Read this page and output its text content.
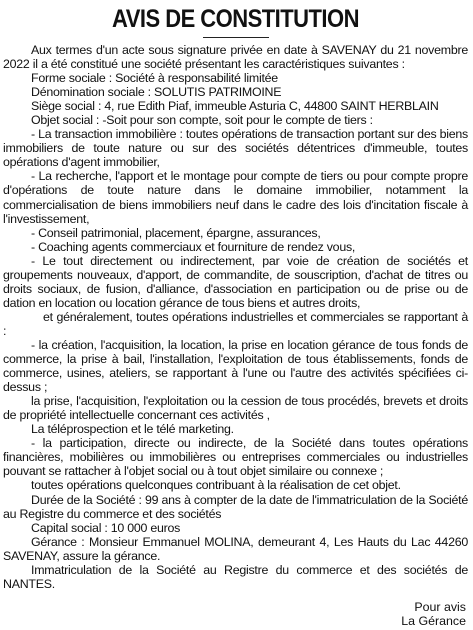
AVIS DE CONSTITUTION

Aux termes d'un acte sous signature privée en date à SAVENAY du 21 novembre 2022 il a été constitué une société présentant les caractéristiques suivantes :

Forme sociale : Société à responsabilité limitée

Dénomination sociale : SOLUTIS PATRIMOINE

Siège social : 4, rue Edith Piaf, immeuble Asturia C, 44800 SAINT HERBLAIN

Objet social : -Soit pour son compte, soit pour le compte de tiers :

- La transaction immobilière : toutes opérations de transaction portant sur des biens immobiliers de toute nature ou sur des sociétés détentrices d'immeuble, toutes opérations d'agent immobilier,

- La recherche, l'apport et le montage pour compte de tiers ou pour compte propre d'opérations de toute nature dans le domaine immobilier, notamment la commercialisation de biens immobiliers neuf dans le cadre des lois d'incitation fiscale à l'investissement,

- Conseil patrimonial, placement, épargne, assurances,

- Coaching agents commerciaux et fourniture de rendez vous,

- Le tout directement ou indirectement, par voie de création de sociétés et groupements nouveaux, d'apport, de commandite, de souscription, d'achat de titres ou droits sociaux, de fusion, d'alliance, d'association en participation ou de prise ou de dation en location ou location gérance de tous biens et autres droits,

et généralement, toutes opérations industrielles et commerciales se rapportant à :

- la création, l'acquisition, la location, la prise en location gérance de tous fonds de commerce, la prise à bail, l'installation, l'exploitation de tous établissements, fonds de commerce, usines, ateliers, se rapportant à l'une ou l'autre des activités spécifiées ci-dessus ;

la prise, l'acquisition, l'exploitation ou la cession de tous procédés, brevets et droits de propriété intellectuelle concernant ces activités ,

La téléprospection et le télé marketing.

- la participation, directe ou indirecte, de la Société dans toutes opérations financières, mobilières ou immobilières ou entreprises commerciales ou industrielles pouvant se rattacher à l'objet social ou à tout objet similaire ou connexe ;

toutes opérations quelconques contribuant à la réalisation de cet objet.

Durée de la Société : 99 ans à compter de la date de l'immatriculation de la Société au Registre du commerce et des sociétés

Capital social : 10 000 euros

Gérance : Monsieur Emmanuel MOLINA, demeurant 4, Les Hauts du Lac 44260 SAVENAY, assure la gérance.

Immatriculation de la Société au Registre du commerce et des sociétés de NANTES.

Pour avis
La Gérance
